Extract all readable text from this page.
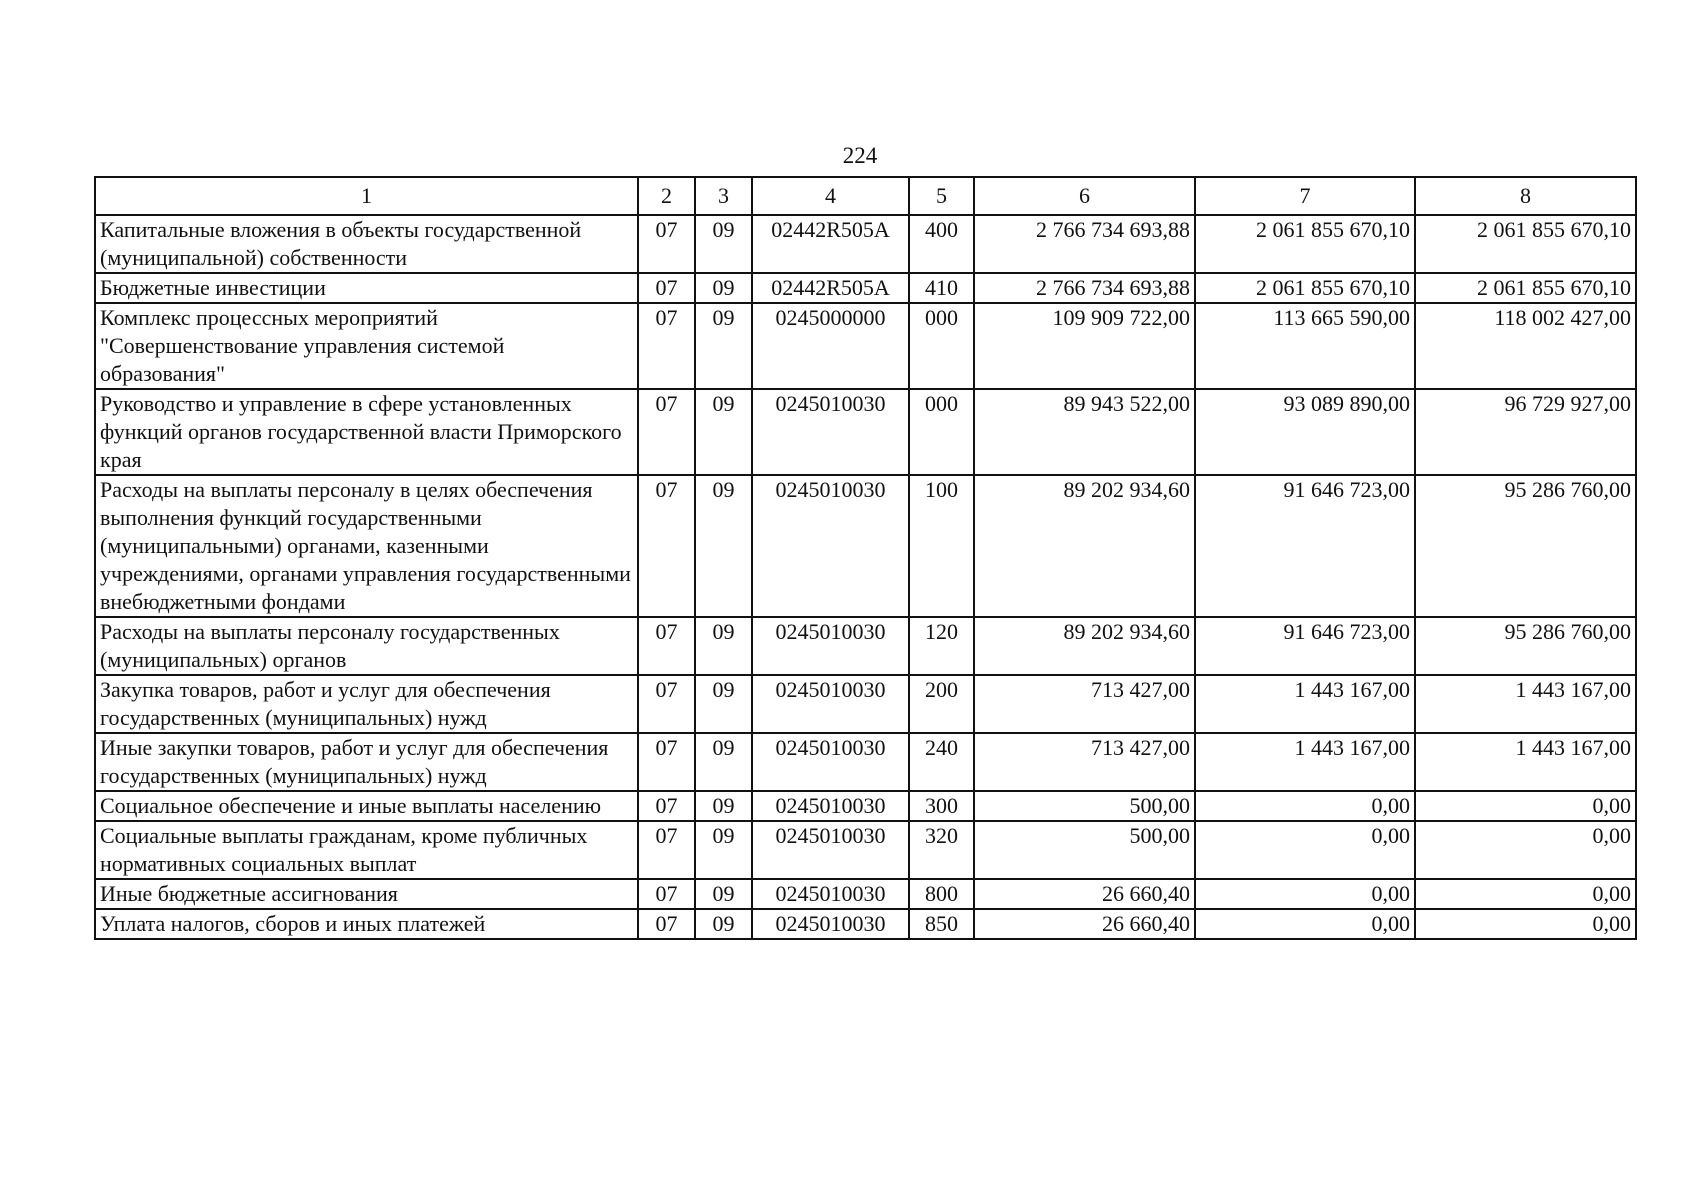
224
1	2	3	4	5	6	7	8
Капитальные вложения в объекты государственной (муниципальной) собственности	07	09	02442R505A	400	2 766 734 693,88	2 061 855 670,10	2 061 855 670,10
Бюджетные инвестиции	07	09	02442R505A	410	2 766 734 693,88	2 061 855 670,10	2 061 855 670,10
Комплекс процессных мероприятий "Совершенствование управления системой образования"	07	09	0245000000	000	109 909 722,00	113 665 590,00	118 002 427,00
Руководство и управление в сфере установленных функций органов государственной власти Приморского края	07	09	0245010030	000	89 943 522,00	93 089 890,00	96 729 927,00
Расходы на выплаты персоналу в целях обеспечения выполнения функций государственными (муниципальными) органами, казенными учреждениями, органами управления государственными внебюджетными фондами	07	09	0245010030	100	89 202 934,60	91 646 723,00	95 286 760,00
Расходы на выплаты персоналу государственных (муниципальных) органов	07	09	0245010030	120	89 202 934,60	91 646 723,00	95 286 760,00
Закупка товаров, работ и услуг для обеспечения государственных (муниципальных) нужд	07	09	0245010030	200	713 427,00	1 443 167,00	1 443 167,00
Иные закупки товаров, работ и услуг для обеспечения государственных (муниципальных) нужд	07	09	0245010030	240	713 427,00	1 443 167,00	1 443 167,00
Социальное обеспечение и иные выплаты населению	07	09	0245010030	300	500,00	0,00	0,00
Социальные выплаты гражданам, кроме публичных нормативных социальных выплат	07	09	0245010030	320	500,00	0,00	0,00
Иные бюджетные ассигнования	07	09	0245010030	800	26 660,40	0,00	0,00
Уплата налогов, сборов и иных платежей	07	09	0245010030	850	26 660,40	0,00	0,00
